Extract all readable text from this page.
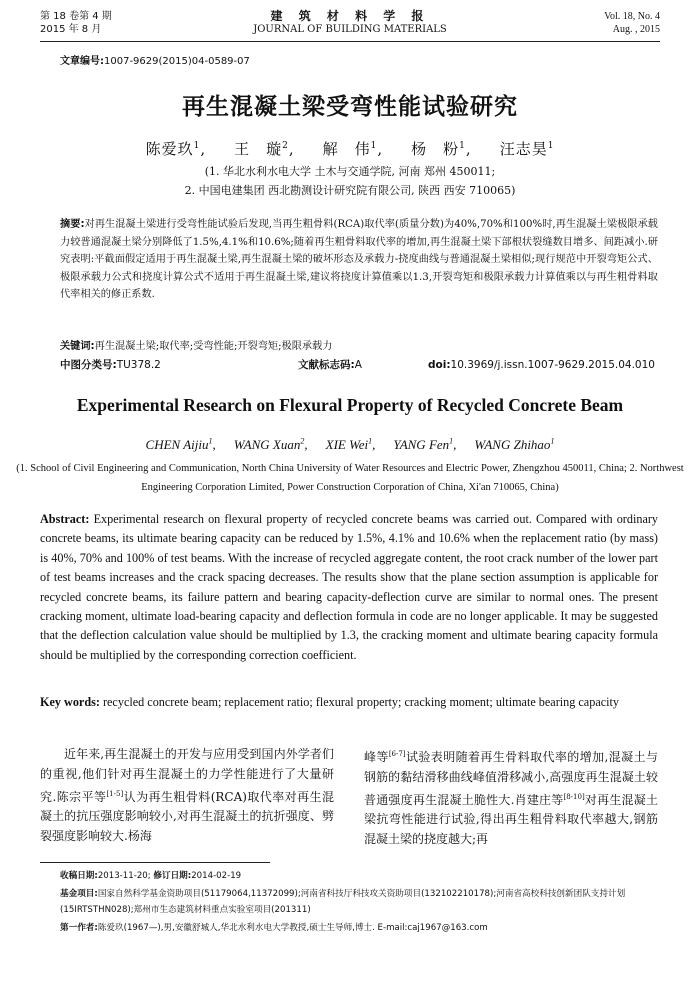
第 18 卷第 4 期
2015 年 8 月
建 筑 材 料 学 报
JOURNAL OF BUILDING MATERIALS
Vol. 18, No. 4
Aug. , 2015
文章编号:1007-9629(2015)04-0589-07
再生混凝土梁受弯性能试验研究
陈爱玖$^1$, 王　璇$^2$, 解　伟$^1$, 杨　粉$^1$, 汪志昊$^1$
(1. 华北水利水电大学 土木与交通学院, 河南 郑州 450011;
2. 中国电建集团 西北勘测设计研究院有限公司, 陕西 西安 710065)
摘要:对再生混凝土梁进行受弯性能试验后发现,当再生粗骨料(RCA)取代率(质量分数)为40%,70%和100%时,再生混凝土梁极限承载力较普通混凝土梁分别降低了1.5%,4.1%和10.6%;随着再生粗骨料取代率的增加,再生混凝土梁下部根状裂缝数目增多、间距减小.研究表明:平截面假定适用于再生混凝土梁,再生混凝土梁的破坏形态及承载力-挠度曲线与普通混凝土梁相似;现行规范中开裂弯矩公式、极限承载力公式和挠度计算公式不适用于再生混凝土梁,建议将挠度计算值乘以1.3,开裂弯矩和极限承载力计算值乘以与再生粗骨料取代率相关的修正系数.
关键词:再生混凝土梁;取代率;受弯性能;开裂弯矩;极限承载力
中图分类号:TU378.2	文献标志码:A	doi:10.3969/j.issn.1007-9629.2015.04.010
Experimental Research on Flexural Property of Recycled Concrete Beam
CHEN Aijiu$^1$, WANG Xuan$^2$, XIE Wei$^1$, YANG Fen$^1$, WANG Zhihao$^1$
(1. School of Civil Engineering and Communication, North China University of Water Resources and Electric Power, Zhengzhou 450011, China; 2. Northwest Engineering Corporation Limited, Power Construction Corporation of China, Xi'an 710065, China)
Abstract: Experimental research on flexural property of recycled concrete beams was carried out. Compared with ordinary concrete beams, its ultimate bearing capacity can be reduced by 1.5%, 4.1% and 10.6% when the replacement ratio (by mass) is 40%, 70% and 100% of test beams. With the increase of recycled aggregate content, the root crack number of the lower part of test beams increases and the crack spacing decreases. The results show that the plane section assumption is applicable for recycled concrete beams, its failure pattern and bearing capacity-deflection curve are similar to normal ones. The present cracking moment, ultimate load-bearing capacity and deflection formula in code are no longer applicable. It may be suggested that the deflection calculation value should be multiplied by 1.3, the cracking moment and ultimate bearing capacity formula should be multiplied by the corresponding correction coefficient.
Key words: recycled concrete beam; replacement ratio; flexural property; cracking moment; ultimate bearing capacity
近年来,再生混凝土的开发与应用受到国内外学者们的重视,他们针对再生混凝土的力学性能进行了大量研究.陈宗平等[1-5]认为再生粗骨料(RCA)取代率对再生混凝土的抗压强度影响较小,对再生混凝土的抗折强度、劈裂强度影响较大.杨海
峰等[6-7]试验表明随着再生骨料取代率的增加,混凝土与钢筋的黏结滑移曲线峰值滑移减小,高强度再生混凝土较普通强度再生混凝土脆性大.肖建庄等[8-10]对再生混凝土梁抗弯性能进行试验,得出再生粗骨料取代率越大,钢筋混凝土梁的挠度越大;再
收稿日期:2013-11-20; 修订日期:2014-02-19
基金项目:国家自然科学基金资助项目(51179064,11372099);河南省科技厅科技攻关资助项目(132102210178);河南省高校科技创新团队支持计划(15IRTSTHN028);郑州市生态建筑材料重点实验室项目(201311)
第一作者:陈爱玖(1967—),男,安徽舒城人,华北水利水电大学教授,硕士生导师,博士. E-mail:caj1967@163.com
